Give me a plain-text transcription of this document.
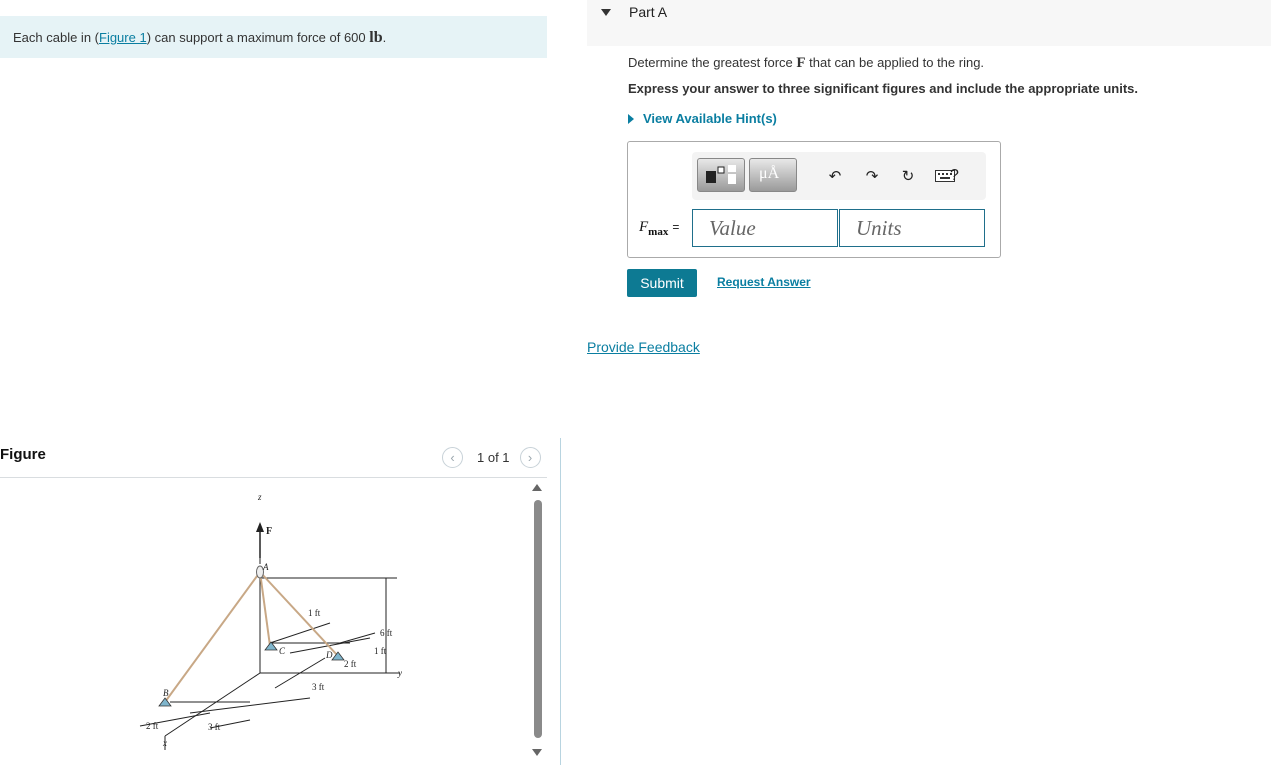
Each cable in (Figure 1) can support a maximum force of 600 lb.
Figure	‹ 1 of 1 ›
z
F
A
B
C	D
x
y
1 ft
6 ft
1 ft
2 ft
3 ft
2 ft	3 ft
Part A
Determine the greatest force F that can be applied to the ring.
Express your answer to three significant figures and include the appropriate units.
View Available Hint(s)
μÅ	↶ ↷ ↻ ?
$F_{max}$ =	Value	Units
Submit	Request Answer
Provide Feedback
